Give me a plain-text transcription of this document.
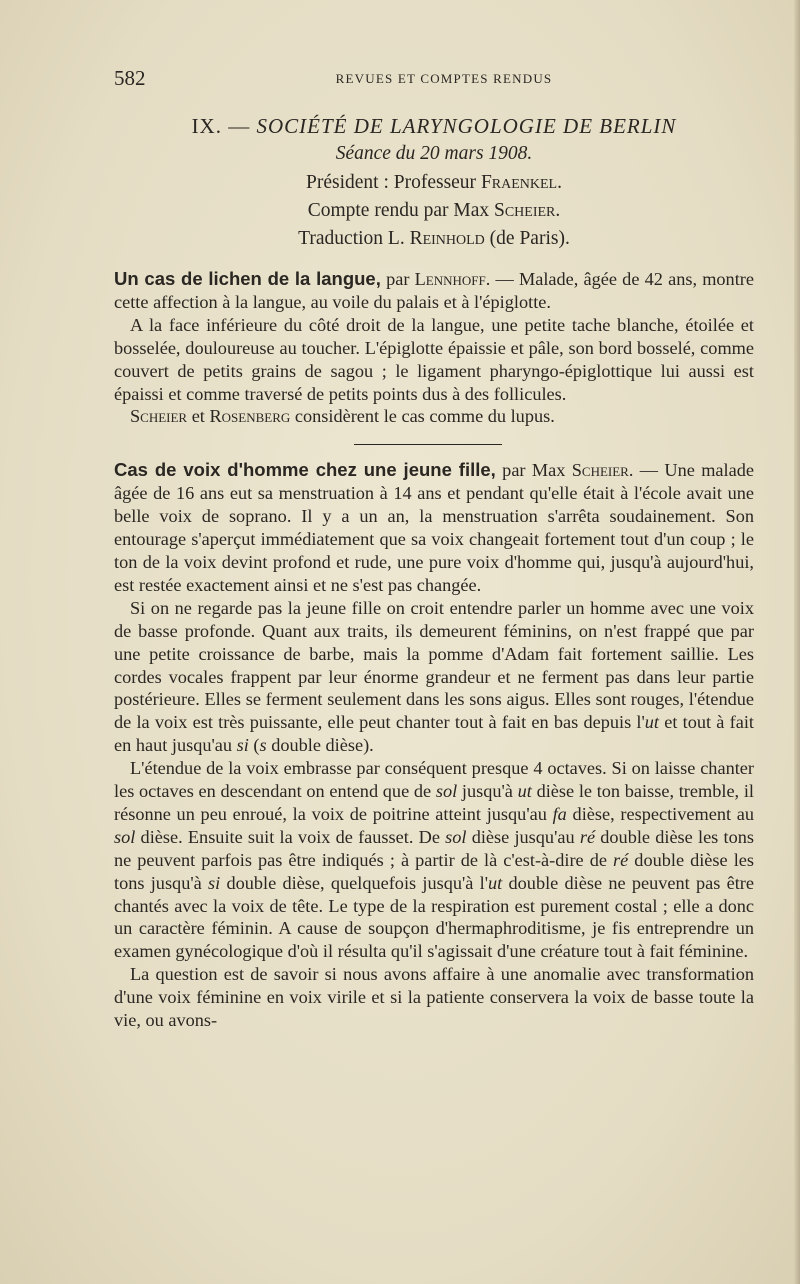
582	REVUES ET COMPTES RENDUS
IX. — SOCIÉTÉ DE LARYNGOLOGIE DE BERLIN
Séance du 20 mars 1908.
Président : Professeur Fraenkel.
Compte rendu par Max Scheier.
Traduction L. Reinhold (de Paris).

Un cas de lichen de la langue, par Lennhoff. — Malade, âgée de 42 ans, montre cette affection à la langue, au voile du palais et à l'épiglotte.

A la face inférieure du côté droit de la langue, une petite tache blanche, étoilée et bosselée, douloureuse au toucher. L'épiglotte épaissie et pâle, son bord bosselé, comme couvert de petits grains de sagou ; le ligament pharyngo-épiglottique lui aussi est épaissi et comme traversé de petits points dus à des follicules.

Scheier et Rosenberg considèrent le cas comme du lupus.

Cas de voix d'homme chez une jeune fille, par Max Scheier. — Une malade âgée de 16 ans eut sa menstruation à 14 ans et pendant qu'elle était à l'école avait une belle voix de soprano. Il y a un an, la menstruation s'arrêta soudainement. Son entourage s'aperçut immédiatement que sa voix changeait fortement tout d'un coup ; le ton de la voix devint profond et rude, une pure voix d'homme qui, jusqu'à aujourd'hui, est restée exactement ainsi et ne s'est pas changée.

Si on ne regarde pas la jeune fille on croit entendre parler un homme avec une voix de basse profonde. Quant aux traits, ils demeurent féminins, on n'est frappé que par une petite croissance de barbe, mais la pomme d'Adam fait fortement saillie. Les cordes vocales frappent par leur énorme grandeur et ne ferment pas dans leur partie postérieure. Elles se ferment seulement dans les sons aigus. Elles sont rouges, l'étendue de la voix est très puissante, elle peut chanter tout à fait en bas depuis l'ut et tout à fait en haut jusqu'au si (s double dièse).

L'étendue de la voix embrasse par conséquent presque 4 octaves. Si on laisse chanter les octaves en descendant on entend que de sol jusqu'à ut dièse le ton baisse, tremble, il résonne un peu enroué, la voix de poitrine atteint jusqu'au fa dièse, respectivement au sol dièse. Ensuite suit la voix de fausset. De sol dièse jusqu'au ré double dièse les tons ne peuvent parfois pas être indiqués ; à partir de là c'est-à-dire de ré double dièse les tons jusqu'à si double dièse, quelquefois jusqu'à l'ut double dièse ne peuvent pas être chantés avec la voix de tête. Le type de la respiration est purement costal ; elle a donc un caractère féminin. A cause de soupçon d'hermaphroditisme, je fis entreprendre un examen gynécologique d'où il résulta qu'il s'agissait d'une créature tout à fait féminine.

La question est de savoir si nous avons affaire à une anomalie avec transformation d'une voix féminine en voix virile et si la patiente conservera la voix de basse toute la vie, ou avons-
